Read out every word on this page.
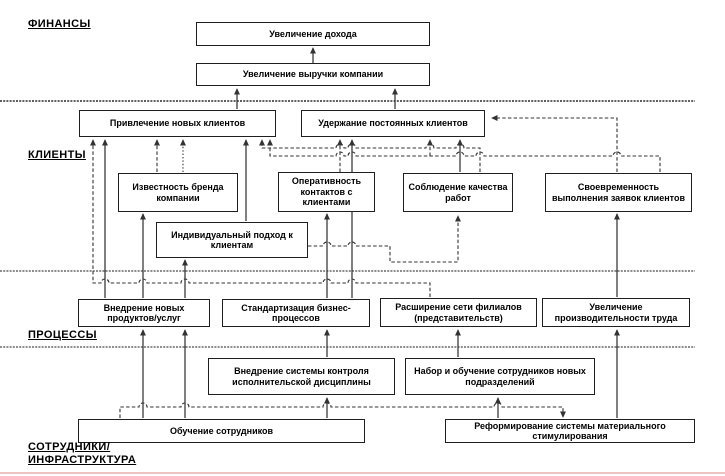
ФИНАНСЫ
КЛИЕНТЫ
ПРОЦЕССЫ
СОТРУДНИКИ/
ИНФРАСТРУКТУРА
Увеличение дохода
Увеличение выручки компании
Привлечение новых клиентов	Удержание постоянных клиентов
Известность бренда компании
Оперативность контактов с клиентами
Соблюдение качества работ
Своевременность выполнения заявок клиентов
Индивидуальный подход к клиентам
Внедрение новых продуктов/услуг
Стандартизация бизнес-процессов
Расширение сети филиалов (представительств)
Увеличение производительности труда
Внедрение системы контроля исполнительской дисциплины
Набор и обучение сотрудников новых подразделений
Обучение сотрудников
Реформирование системы материального стимулирования
